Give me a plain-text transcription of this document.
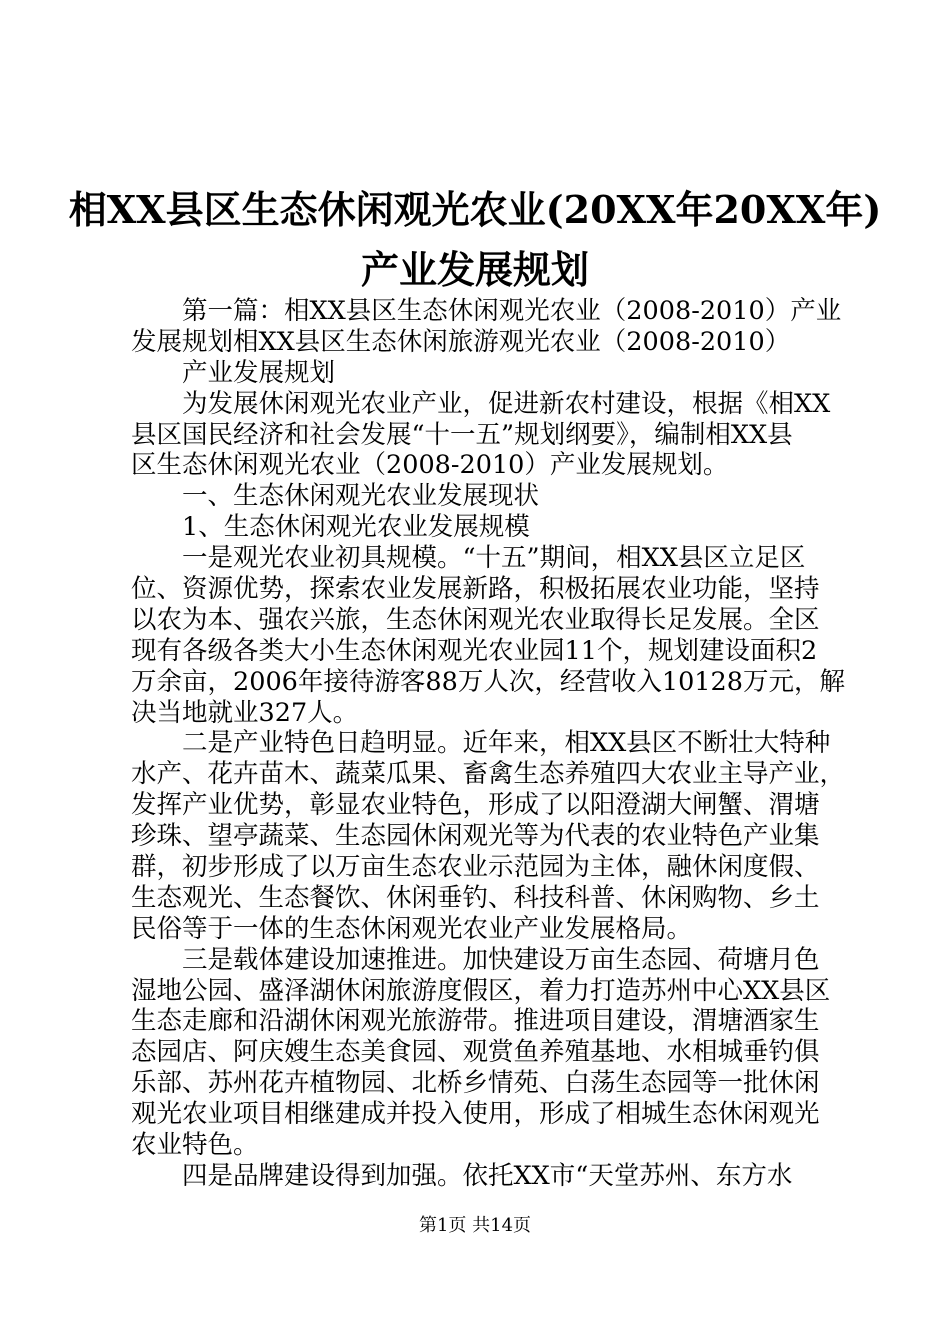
相XX县区生态休闲观光农业(20XX年20XX年)
产业发展规划
第一篇：相XX县区生态休闲观光农业（2008-2010）产业
发展规划相XX县区生态休闲旅游观光农业（2008-2010）
产业发展规划
为发展休闲观光农业产业，促进新农村建设，根据《相XX
县区国民经济和社会发展“十一五”规划纲要》，编制相XX县
区生态休闲观光农业（2008-2010）产业发展规划。
一、生态休闲观光农业发展现状
1、生态休闲观光农业发展规模
一是观光农业初具规模。“十五”期间，相XX县区立足区
位、资源优势，探索农业发展新路，积极拓展农业功能，坚持
以农为本、强农兴旅，生态休闲观光农业取得长足发展。全区
现有各级各类大小生态休闲观光农业园11个，规划建设面积2
万余亩，2006年接待游客88万人次，经营收入10128万元，解
决当地就业327人。
二是产业特色日趋明显。近年来，相XX县区不断壮大特种
水产、花卉苗木、蔬菜瓜果、畜禽生态养殖四大农业主导产业，
发挥产业优势，彰显农业特色，形成了以阳澄湖大闸蟹、渭塘
珍珠、望亭蔬菜、生态园休闲观光等为代表的农业特色产业集
群，初步形成了以万亩生态农业示范园为主体，融休闲度假、
生态观光、生态餐饮、休闲垂钓、科技科普、休闲购物、乡土
民俗等于一体的生态休闲观光农业产业发展格局。
三是载体建设加速推进。加快建设万亩生态园、荷塘月色
湿地公园、盛泽湖休闲旅游度假区，着力打造苏州中心XX县区
生态走廊和沿湖休闲观光旅游带。推进项目建设，渭塘酒家生
态园店、阿庆嫂生态美食园、观赏鱼养殖基地、水相城垂钓俱
乐部、苏州花卉植物园、北桥乡情苑、白荡生态园等一批休闲
观光农业项目相继建成并投入使用，形成了相城生态休闲观光
农业特色。
四是品牌建设得到加强。依托XX市“天堂苏州、东方水
第1页 共14页
